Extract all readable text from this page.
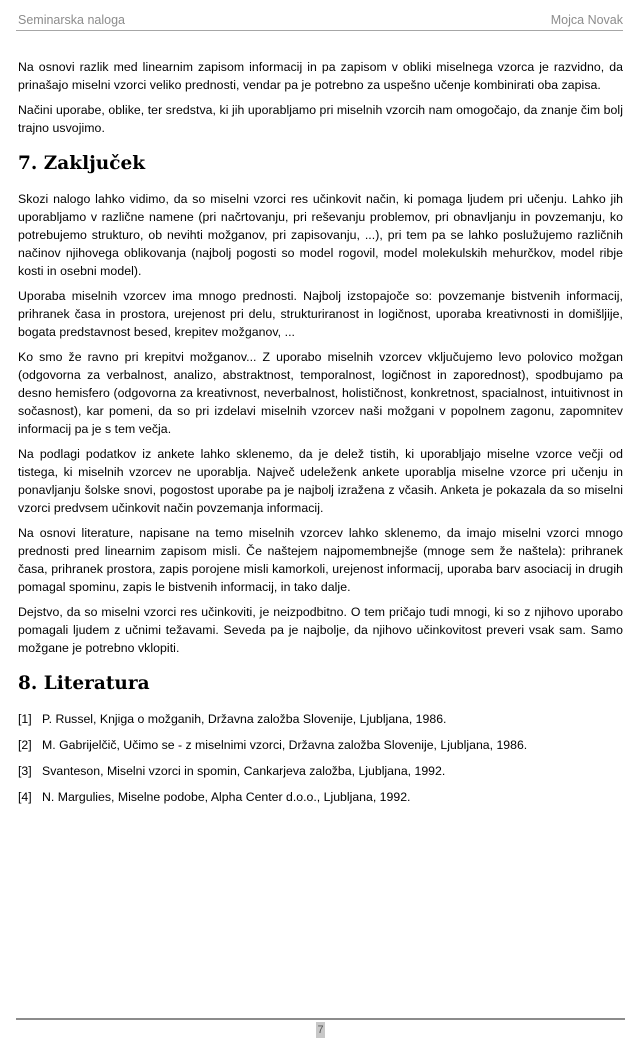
Seminarska naloga	Mojca Novak

Na osnovi razlik med linearnim zapisom informacij in pa zapisom v obliki miselnega vzorca je razvidno, da prinašajo miselni vzorci veliko prednosti, vendar pa je potrebno za uspešno učenje kombinirati oba zapisa.

Načini uporabe, oblike, ter sredstva, ki jih uporabljamo pri miselnih vzorcih nam omogočajo, da znanje čim bolj trajno usvojimo.

7. Zaključek

Skozi nalogo lahko vidimo, da so miselni vzorci res učinkovit način, ki pomaga ljudem pri učenju. Lahko jih uporabljamo v različne namene (pri načrtovanju, pri reševanju problemov, pri obnavljanju in povzemanju, ko potrebujemo strukturo, ob nevihti možganov, pri zapisovanju, ...), pri tem pa se lahko poslužujemo različnih načinov njihovega oblikovanja (najbolj pogosti so model rogovil, model molekulskih mehurčkov, model ribje kosti in osebni model).

Uporaba miselnih vzorcev ima mnogo prednosti. Najbolj izstopajoče so: povzemanje bistvenih informacij, prihranek časa in prostora, urejenost pri delu, strukturiranost in logičnost, uporaba kreativnosti in domišljije, bogata predstavnost besed, krepitev možganov, ...

Ko smo že ravno pri krepitvi možganov... Z uporabo miselnih vzorcev vključujemo levo polovico možgan (odgovorna za verbalnost, analizo, abstraktnost, temporalnost, logičnost in zaporednost), spodbujamo pa desno hemisfero (odgovorna za kreativnost, neverbalnost, holističnost, konkretnost, spacialnost, intuitivnost in sočasnost), kar pomeni, da so pri izdelavi miselnih vzorcev naši možgani v popolnem zagonu, zapomnitev informacij pa je s tem večja.

Na podlagi podatkov iz ankete lahko sklenemo, da je delež tistih, ki uporabljajo miselne vzorce večji od tistega, ki miselnih vzorcev ne uporablja. Največ udeleženk ankete uporablja miselne vzorce pri učenju in ponavljanju šolske snovi, pogostost uporabe pa je najbolj izražena z včasih. Anketa je pokazala da so miselni vzorci predvsem učinkovit način povzemanja informacij.

Na osnovi literature, napisane na temo miselnih vzorcev lahko sklenemo, da imajo miselni vzorci mnogo prednosti pred linearnim zapisom misli. Če naštejem najpomembnejše (mnoge sem že naštela): prihranek časa, prihranek prostora, zapis porojene misli kamorkoli, urejenost informacij, uporaba barv asociacij in drugih pomagal spominu, zapis le bistvenih informacij, in tako dalje.

Dejstvo, da so miselni vzorci res učinkoviti, je neizpodbitno. O tem pričajo tudi mnogi, ki so z njihovo uporabo pomagali ljudem z učnimi težavami. Seveda pa je najbolje, da njihovo učinkovitost preveri vsak sam. Samo možgane je potrebno vklopiti.

8. Literatura
[1] P. Russel, Knjiga o možganih, Državna založba Slovenije, Ljubljana, 1986.
[2] M. Gabrijelčič, Učimo se - z miselnimi vzorci, Državna založba Slovenije, Ljubljana, 1986.
[3] Svanteson, Miselni vzorci in spomin, Cankarjeva založba, Ljubljana, 1992.
[4] N. Margulies, Miselne podobe, Alpha Center d.o.o., Ljubljana, 1992.
7
